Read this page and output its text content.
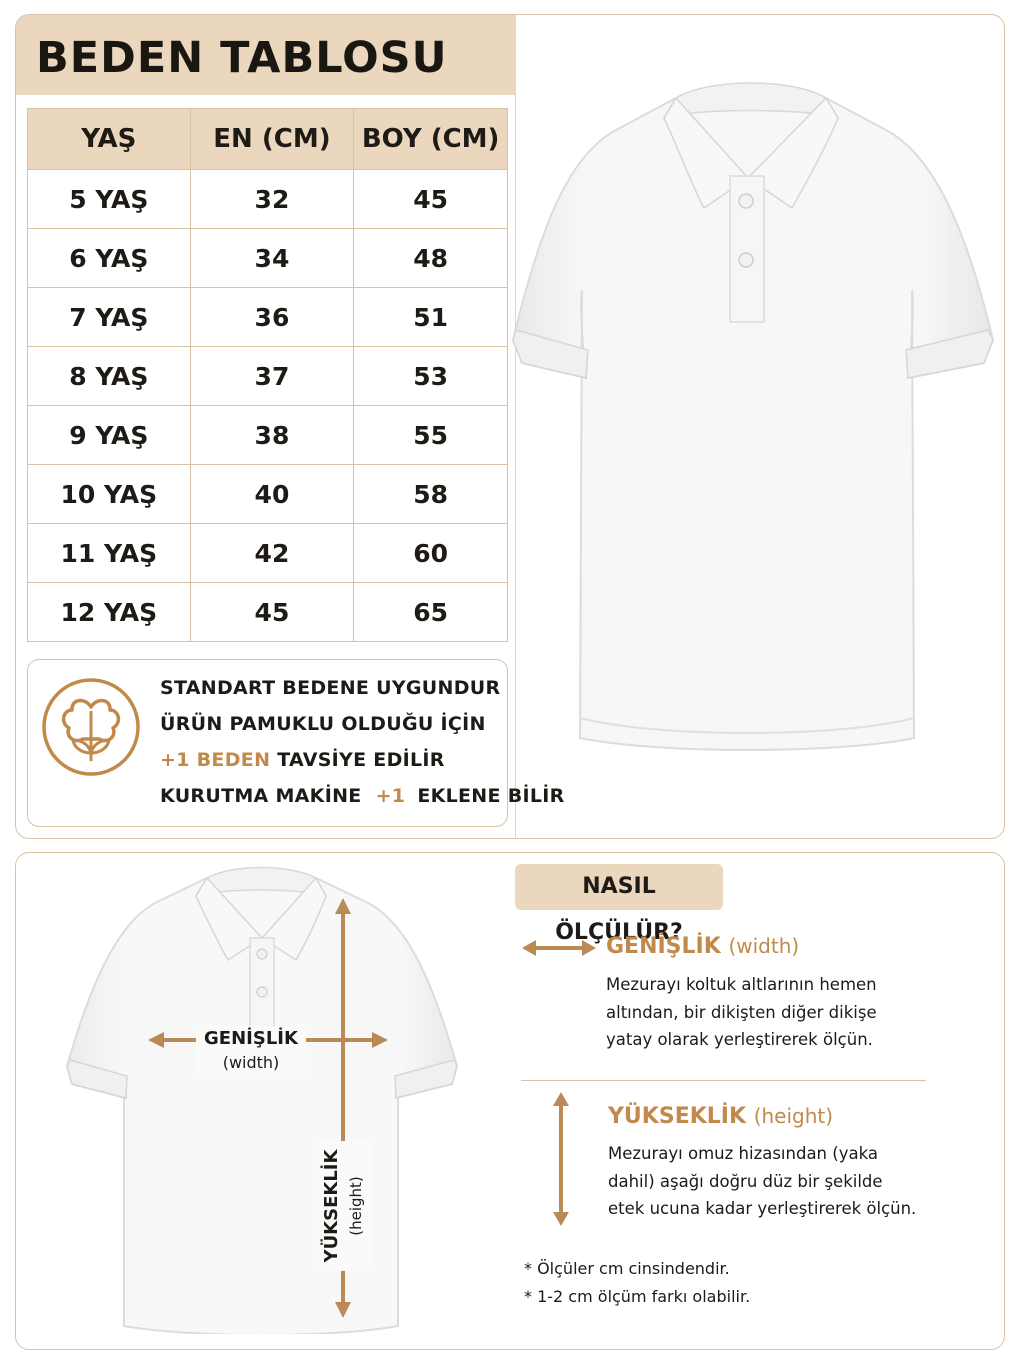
BEDEN TABLOSU
YAŞ	EN (CM)	BOY (CM)
5 YAŞ	32	45
6 YAŞ	34	48
7 YAŞ	36	51
8 YAŞ	37	53
9 YAŞ	38	55
10 YAŞ	40	58
11 YAŞ	42	60
12 YAŞ	45	65
STANDART BEDENE UYGUNDUR
ÜRÜN PAMUKLU OLDUĞU İÇİN
+1 BEDEN TAVSİYE EDİLİR
KURUTMA MAKİNE +1 EKLENE BİLİR
GENİŞLİK
(width)
YÜKSEKLİK (height)
NASIL ÖLÇÜLÜR?
GENİŞLİK (width)
Mezurayı koltuk altlarının hemen
altından, bir dikişten diğer dikişe
yatay olarak yerleştirerek ölçün.
YÜKSEKLİK (height)
Mezurayı omuz hizasından (yaka
dahil) aşağı doğru düz bir şekilde
etek ucuna kadar yerleştirerek ölçün.
* Ölçüler cm cinsindendir.
* 1-2 cm ölçüm farkı olabilir.
